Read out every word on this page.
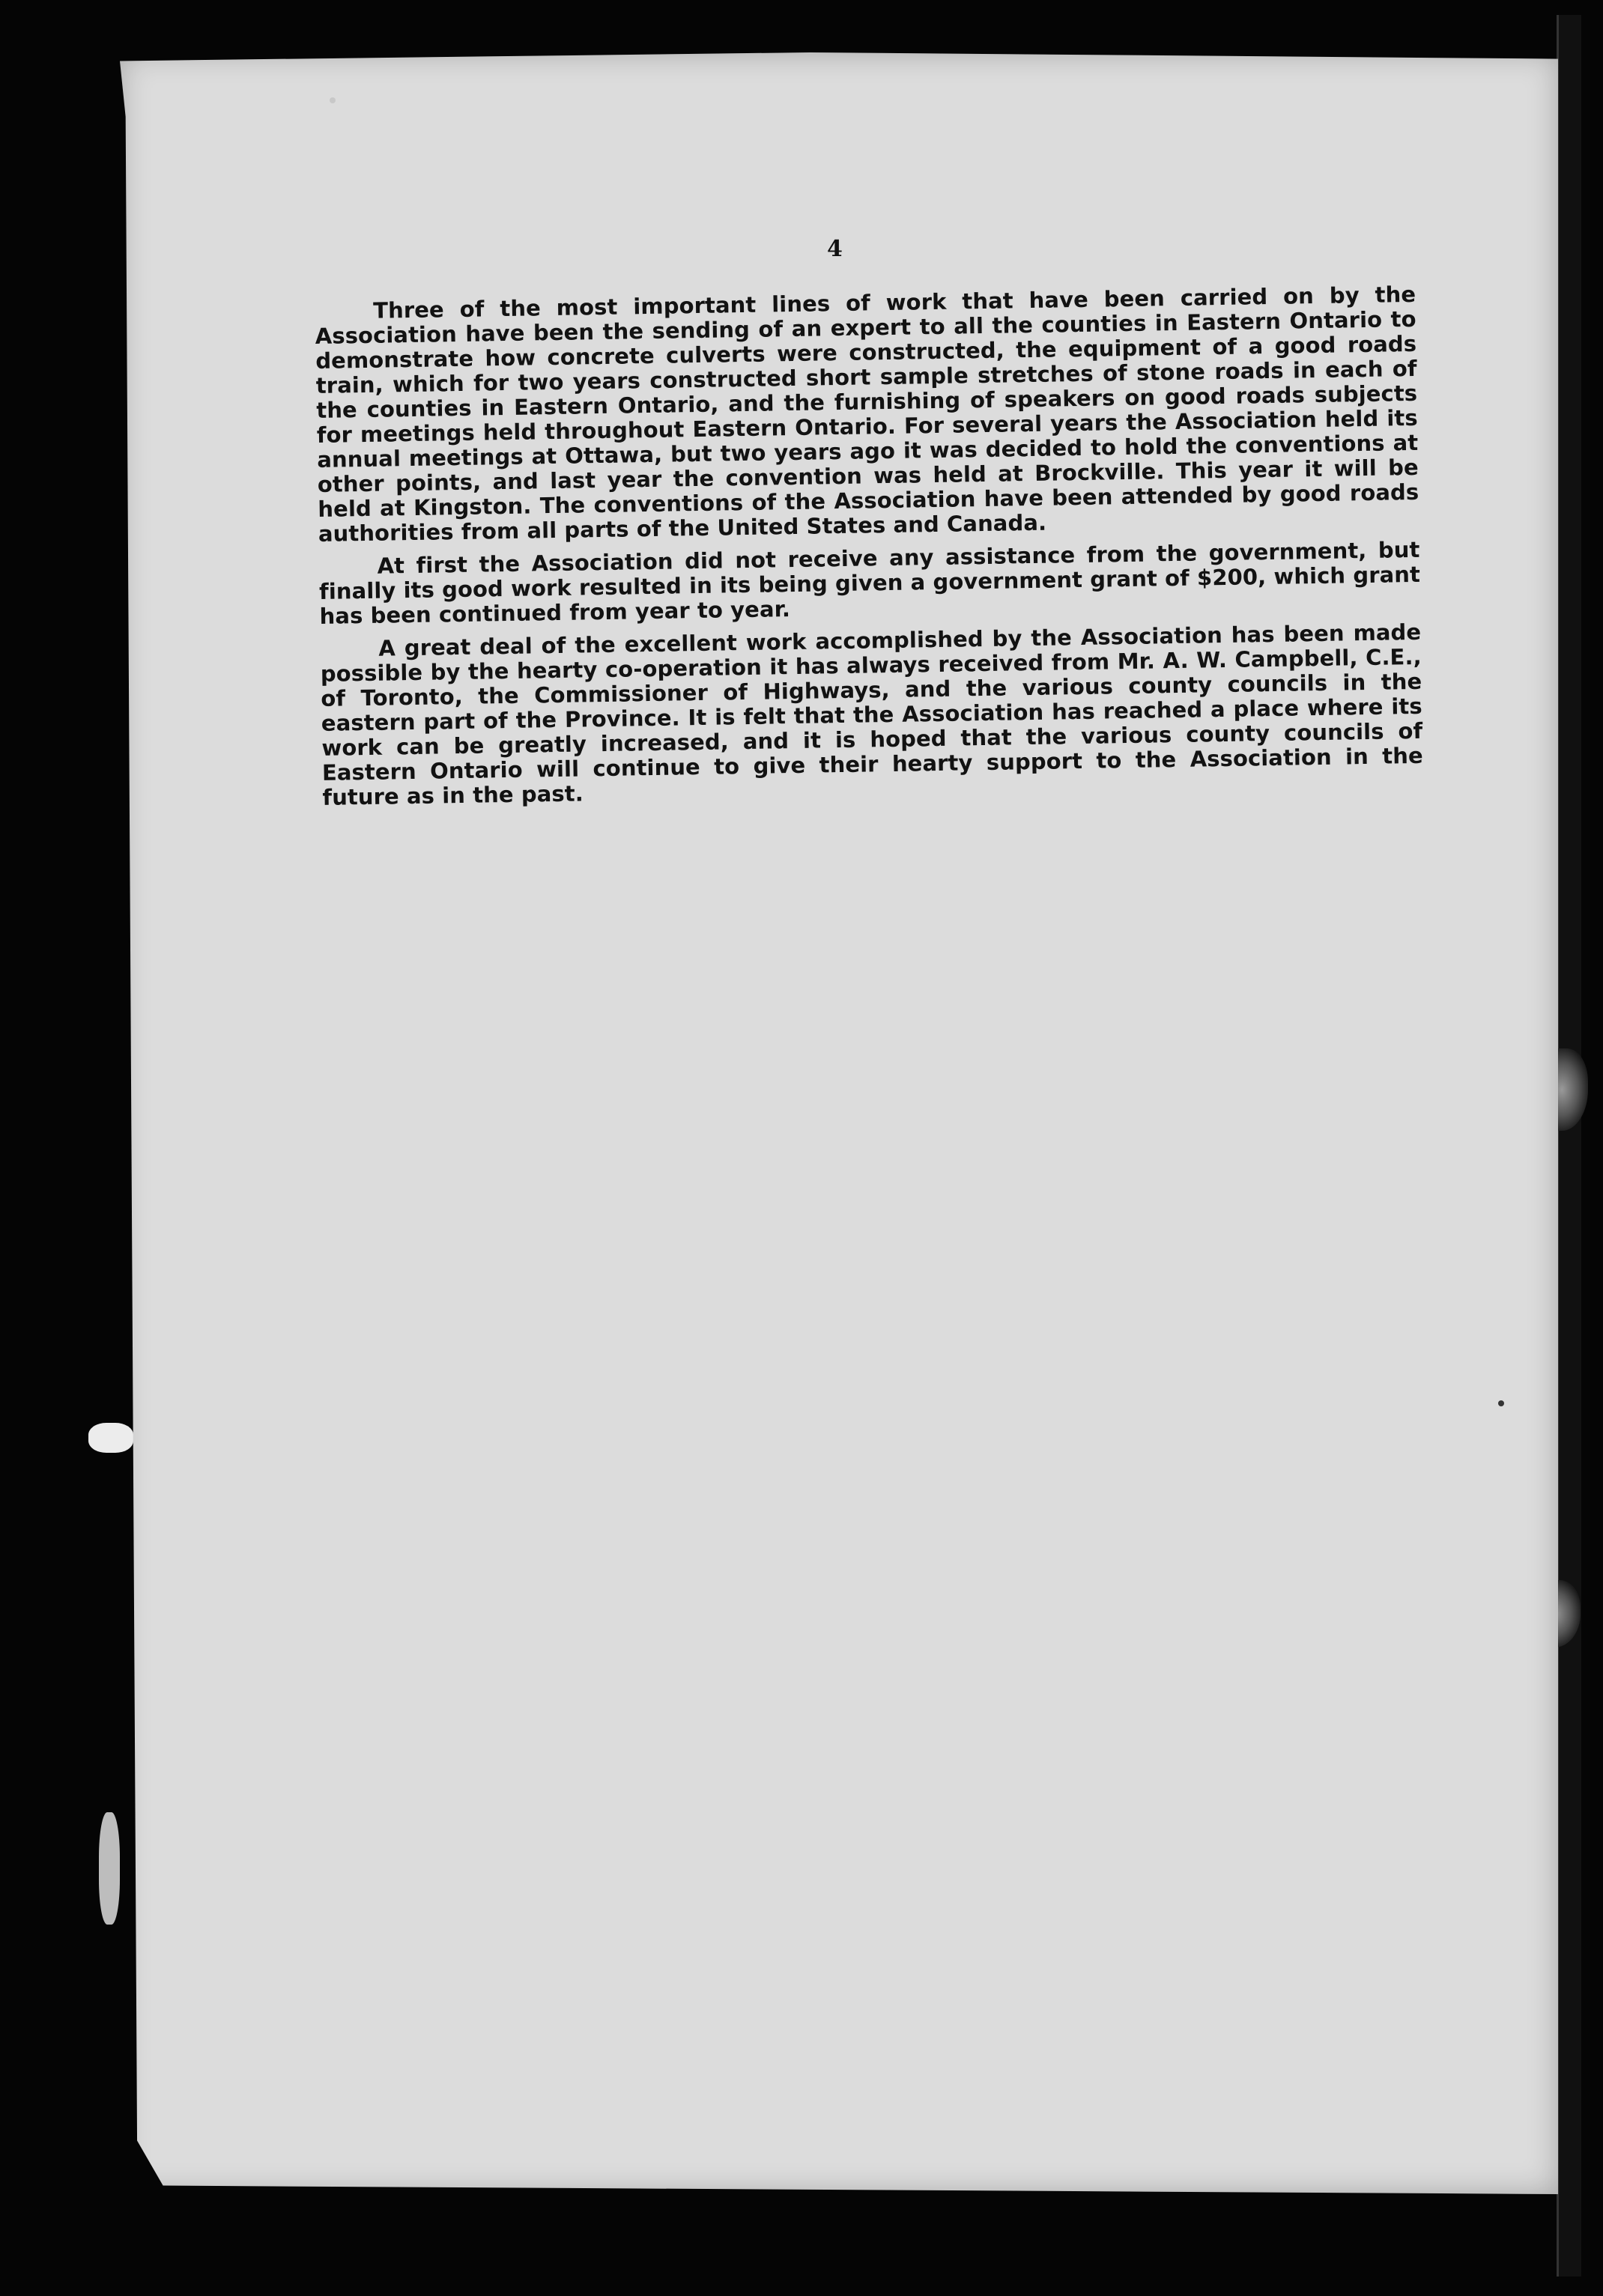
4

Three of the most important lines of work that have been carried on by the Association have been the sending of an expert to all the counties in Eastern Ontario to demonstrate how concrete culverts were constructed, the equipment of a good roads train, which for two years constructed short sample stretches of stone roads in each of the counties in Eastern Ontario, and the furnishing of speakers on good roads subjects for meetings held throughout Eastern Ontario. For several years the Association held its annual meetings at Ottawa, but two years ago it was decided to hold the conventions at other points, and last year the convention was held at Brockville. This year it will be held at Kingston. The conventions of the Association have been attended by good roads authorities from all parts of the United States and Canada.

At first the Association did not receive any assistance from the government, but finally its good work resulted in its being given a government grant of $200, which grant has been continued from year to year.

A great deal of the excellent work accomplished by the Association has been made possible by the hearty co-operation it has always received from Mr. A. W. Campbell, C.E., of Toronto, the Commissioner of Highways, and the various county councils in the eastern part of the Province. It is felt that the Association has reached a place where its work can be greatly increased, and it is hoped that the various county councils of Eastern Ontario will continue to give their hearty support to the Association in the future as in the past.
